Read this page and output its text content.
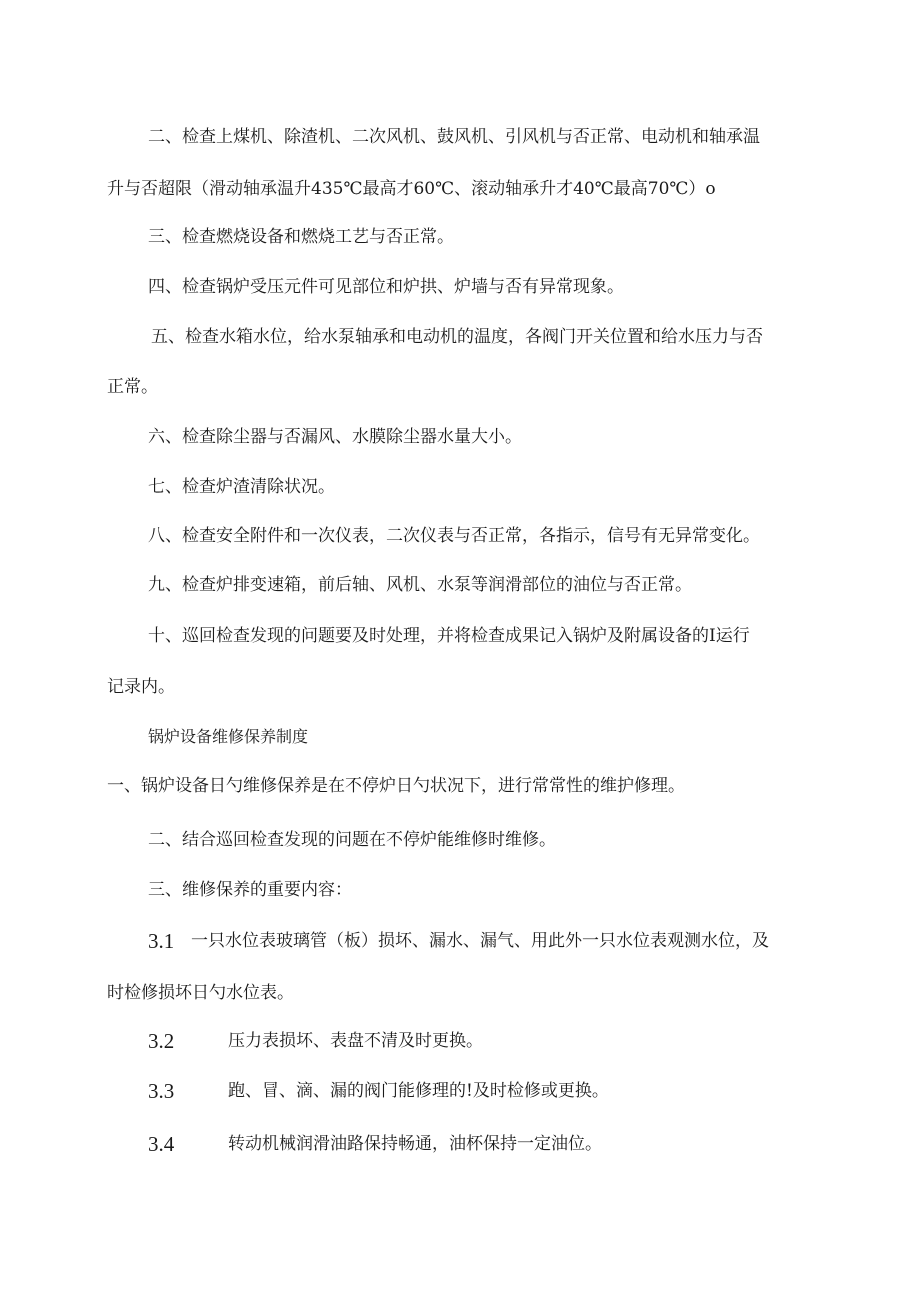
二、检查上煤机、除渣机、二次风机、鼓风机、引风机与否正常、电动机和轴承温
升与否超限（滑动轴承温升435℃最高才60℃、滚动轴承升才40℃最高70℃）o
三、检查燃烧设备和燃烧工艺与否正常。
四、检查锅炉受压元件可见部位和炉拱、炉墙与否有异常现象。
五、检查水箱水位，给水泵轴承和电动机的温度，各阀门开关位置和给水压力与否
正常。
六、检查除尘器与否漏风、水膜除尘器水量大小。
七、检查炉渣清除状况。
八、检查安全附件和一次仪表，二次仪表与否正常，各指示，信号有无异常变化。
九、检查炉排变速箱，前后轴、风机、水泵等润滑部位的油位与否正常。
十、巡回检查发现的问题要及时处理，并将检查成果记入锅炉及附属设备的I运行
记录内。
锅炉设备维修保养制度
一、锅炉设备日勺维修保养是在不停炉日勺状况下，进行常常性的维护修理。
二、结合巡回检查发现的问题在不停炉能维修时维修。
三、维修保养的重要内容：
3.1 一只水位表玻璃管（板）损坏、漏水、漏气、用此外一只水位表观测水位，及
时检修损坏日勺水位表。
3.2	压力表损坏、表盘不清及时更换。
3.3	跑、冒、滴、漏的阀门能修理的!及时检修或更换。
3.4	转动机械润滑油路保持畅通，油杯保持一定油位。
